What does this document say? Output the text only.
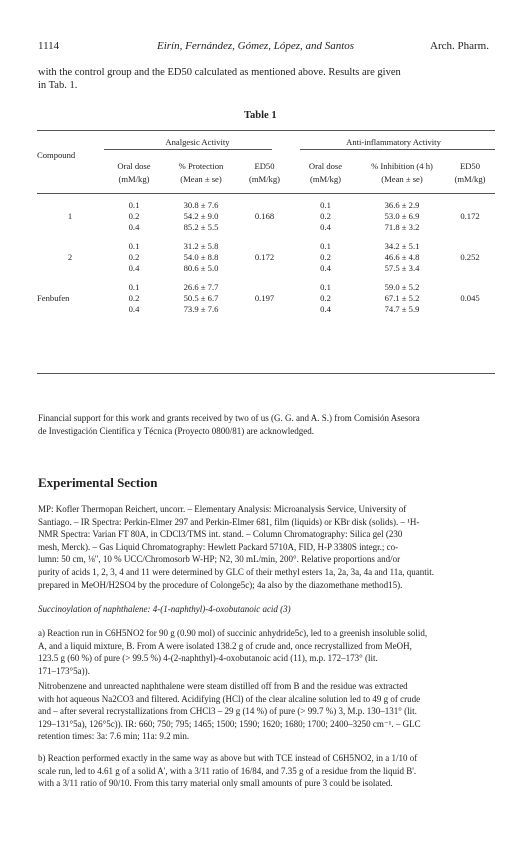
1114	Eirín, Fernández, Gómez, López, and Santos	Arch. Pharm.
with the control group and the ED50 calculated as mentioned above. Results are given
in Tab. 1.
Table 1
	Analgesic Activity			Anti-inflammatory Activity		
Compound						
	Oral dose	% Protection	ED50	Oral dose	% Inhibition (4 h)	ED50
	(mM/kg)	(Mean ± se)	(mM/kg)	(mM/kg)	(Mean ± se)	(mM/kg)

	0.1	30.8 ± 7.6		0.1	36.6 ± 2.9	
1	0.2	54.2 ± 9.0	0.168	0.2	53.0 ± 6.9	0.172
	0.4	85.2 ± 5.5		0.4	71.8 ± 3.2	

	0.1	31.2 ± 5.8		0.1	34.2 ± 5.1	
2	0.2	54.0 ± 8.8	0.172	0.2	46.6 ± 4.8	0.252
	0.4	80.6 ± 5.0		0.4	57.5 ± 3.4	

	0.1	26.6 ± 7.7		0.1	59.0 ± 5.2	
Fenbufen	0.2	50.5 ± 6.7	0.197	0.2	67.1 ± 5.2	0.045
	0.4	73.9 ± 7.6		0.4	74.7 ± 5.9	
Financial support for this work and grants received by two of us (G. G. and A. S.) from Comisión Asesora
de Investigación Científica y Técnica (Proyecto 0800/81) are acknowledged.
Experimental Section
MP: Kofler Thermopan Reichert, uncorr. – Elementary Analysis: Microanalysis Service, University of
Santiago. – IR Spectra: Perkin-Elmer 297 and Perkin-Elmer 681, film (liquids) or KBr disk (solids). – ¹H-
NMR Spectra: Varian FT 80A, in CDCl3/TMS int. stand. – Column Chromatography: Silica gel (230
mesh, Merck). – Gas Liquid Chromatography: Hewlett Packard 5710A, FID, H-P 3380S integr.; co-
lumn: 50 cm, ⅛", 10 % UCC/Chromosorb W-HP; N2, 30 mL/min, 200°. Relative proportions and/or
purity of acids 1, 2, 3, 4 and 11 were determined by GLC of their methyl esters 1a, 2a, 3a, 4a and 11a, quantit.
prepared in MeOH/H2SO4 by the procedure of Colonge5c); 4a also by the diazomethane method15).
Succinoylation of naphthalene: 4-(1-naphthyl)-4-oxobutanoic acid (3)
a) Reaction run in C6H5NO2 for 90 g (0.90 mol) of succinic anhydride5c), led to a greenish insoluble solid,
A, and a liquid mixture, B. From A were isolated 138.2 g of crude and, once recrystallized from MeOH,
123.5 g (60 %) of pure (> 99.5 %) 4-(2-naphthyl)-4-oxobutanoic acid (11), m.p. 172–173° (lit.
171–173°5a)).
Nitrobenzene and unreacted naphthalene were steam distilled off from B and the residue was extracted
with hot aqueous Na2CO3 and filtered. Acidifying (HCl) of the clear alcaline solution led to 49 g of crude
and – after several recrystallizations from CHCl3 – 29 g (14 %) of pure (> 99.7 %) 3, M.p. 130–131° (lit.
129–131°5a), 126°5c)). IR: 660; 750; 795; 1465; 1500; 1590; 1620; 1680; 1700; 2400–3250 cm⁻¹. – GLC
retention times: 3a: 7.6 min; 11a: 9.2 min.
b) Reaction performed exactly in the same way as above but with TCE instead of C6H5NO2, in a 1/10 of
scale run, led to 4.61 g of a solid A', with a 3/11 ratio of 16/84, and 7.35 g of a residue from the liquid B'.
with a 3/11 ratio of 90/10. From this tarry material only small amounts of pure 3 could be isolated.
